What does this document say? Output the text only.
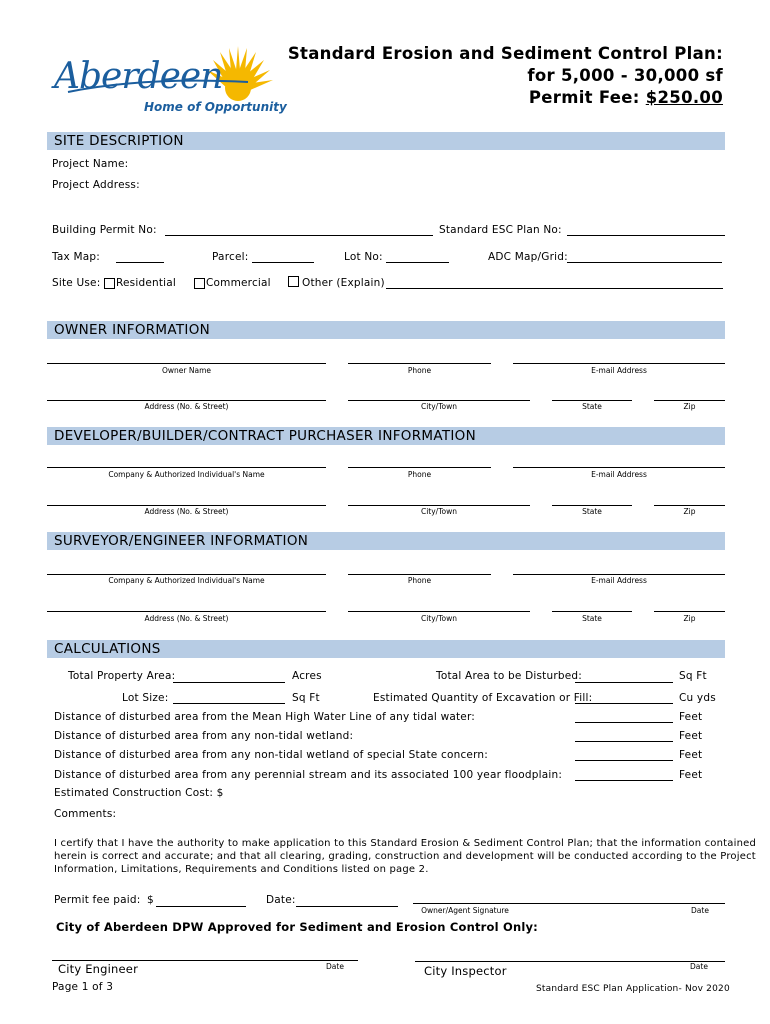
Aberdeen
Home of Opportunity
Standard Erosion and Sediment Control Plan:
for 5,000 - 30,000 sf
Permit Fee: $250.00
SITE DESCRIPTION
Project Name:
Project Address:
Building Permit No:	Standard ESC Plan No:
Tax Map:	Parcel:	Lot No:	ADC Map/Grid:
Site Use: Residential	Commercial	Other (Explain)
OWNER INFORMATION
Owner Name	Phone	E-mail Address
Address (No. & Street)	City/Town	State	Zip
DEVELOPER/BUILDER/CONTRACT PURCHASER INFORMATION
Company & Authorized Individual's Name	Phone	E-mail Address
Address (No. & Street)	City/Town	State	Zip
SURVEYOR/ENGINEER INFORMATION
Company & Authorized Individual's Name	Phone	E-mail Address
Address (No. & Street)	City/Town	State	Zip
CALCULATIONS
Total Property Area:	Acres	Total Area to be Disturbed:	Sq Ft
Lot Size:	Sq Ft	Estimated Quantity of Excavation or Fill:	Cu yds
Distance of disturbed area from the Mean High Water Line of any tidal water:	Feet
Distance of disturbed area from any non-tidal wetland:	Feet
Distance of disturbed area from any non-tidal wetland of special State concern:	Feet
Distance of disturbed area from any perennial stream and its associated 100 year floodplain:	Feet
Estimated Construction Cost: $
Comments:
I certify that I have the authority to make application to this Standard Erosion & Sediment Control Plan; that the information contained
herein is correct and accurate; and that all clearing, grading, construction and development will be conducted according to the Project
Information, Limitations, Requirements and Conditions listed on page 2.
Permit fee paid: $	Date:
Owner/Agent Signature	Date
City of Aberdeen DPW Approved for Sediment and Erosion Control Only:
City Engineer	Date	City Inspector	Date
Page 1 of 3	Standard ESC Plan Application- Nov 2020
